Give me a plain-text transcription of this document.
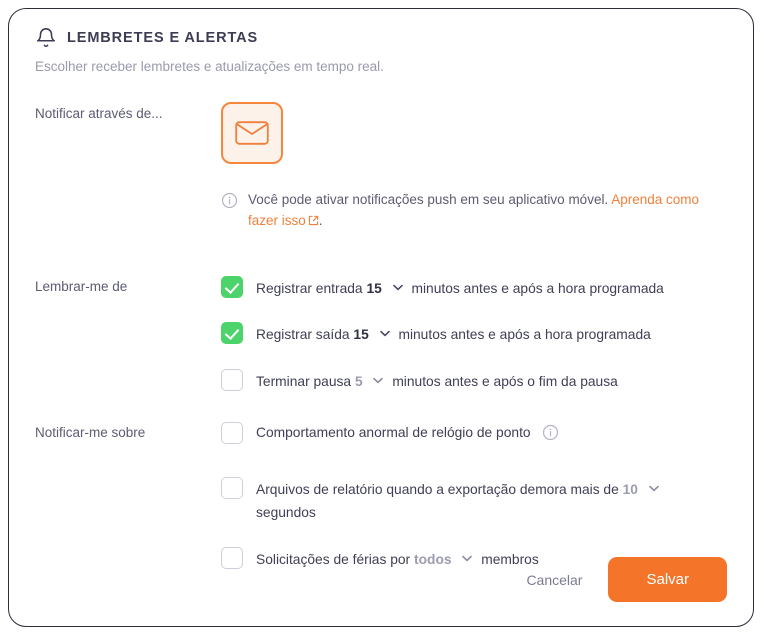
LEMBRETES E ALERTAS
Escolher receber lembretes e atualizações em tempo real.
Notificar através de...
Você pode ativar notificações push em seu aplicativo móvel. Aprenda como fazer isso .
Lembrar-me de	Registrar entrada 15 minutos antes e após a hora programada
Registrar saída 15 minutos antes e após a hora programada
Terminar pausa 5 minutos antes e após o fim da pausa
Notificar-me sobre	Comportamento anormal de relógio de ponto
Arquivos de relatório quando a exportação demora mais de 10  segundos
Solicitações de férias por todos membros
Cancelar	Salvar
